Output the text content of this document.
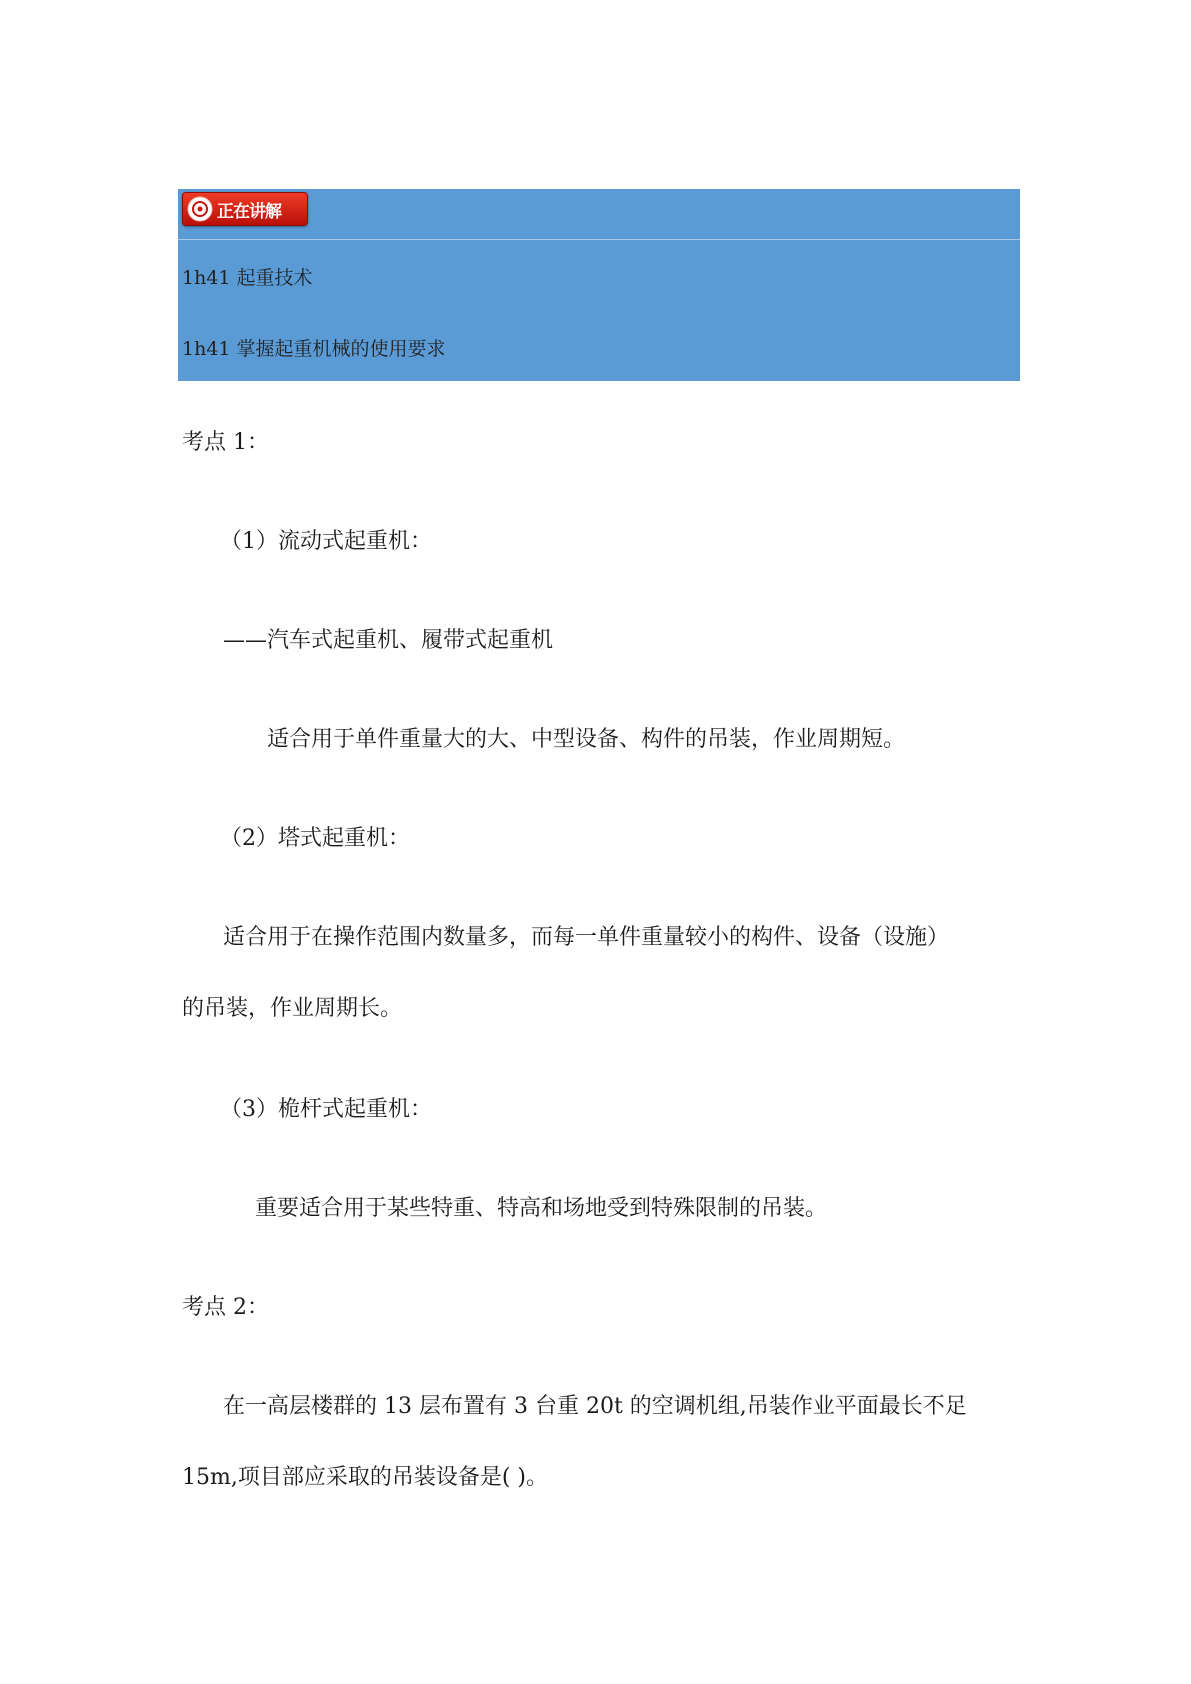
正在讲解
1h41 起重技术
1h41 掌握起重机械的使用要求
考点 1：
（1）流动式起重机：
——汽车式起重机、履带式起重机
适合用于单件重量大的大、中型设备、构件的吊装，作业周期短。
（2）塔式起重机：
适合用于在操作范围内数量多，而每一单件重量较小的构件、设备（设施）
的吊装，作业周期长。
（3）桅杆式起重机：
重要适合用于某些特重、特高和场地受到特殊限制的吊装。
考点 2：
在一高层楼群的 13 层布置有 3 台重 20t 的空调机组,吊装作业平面最长不足
15m,项目部应采取的吊装设备是( )。
